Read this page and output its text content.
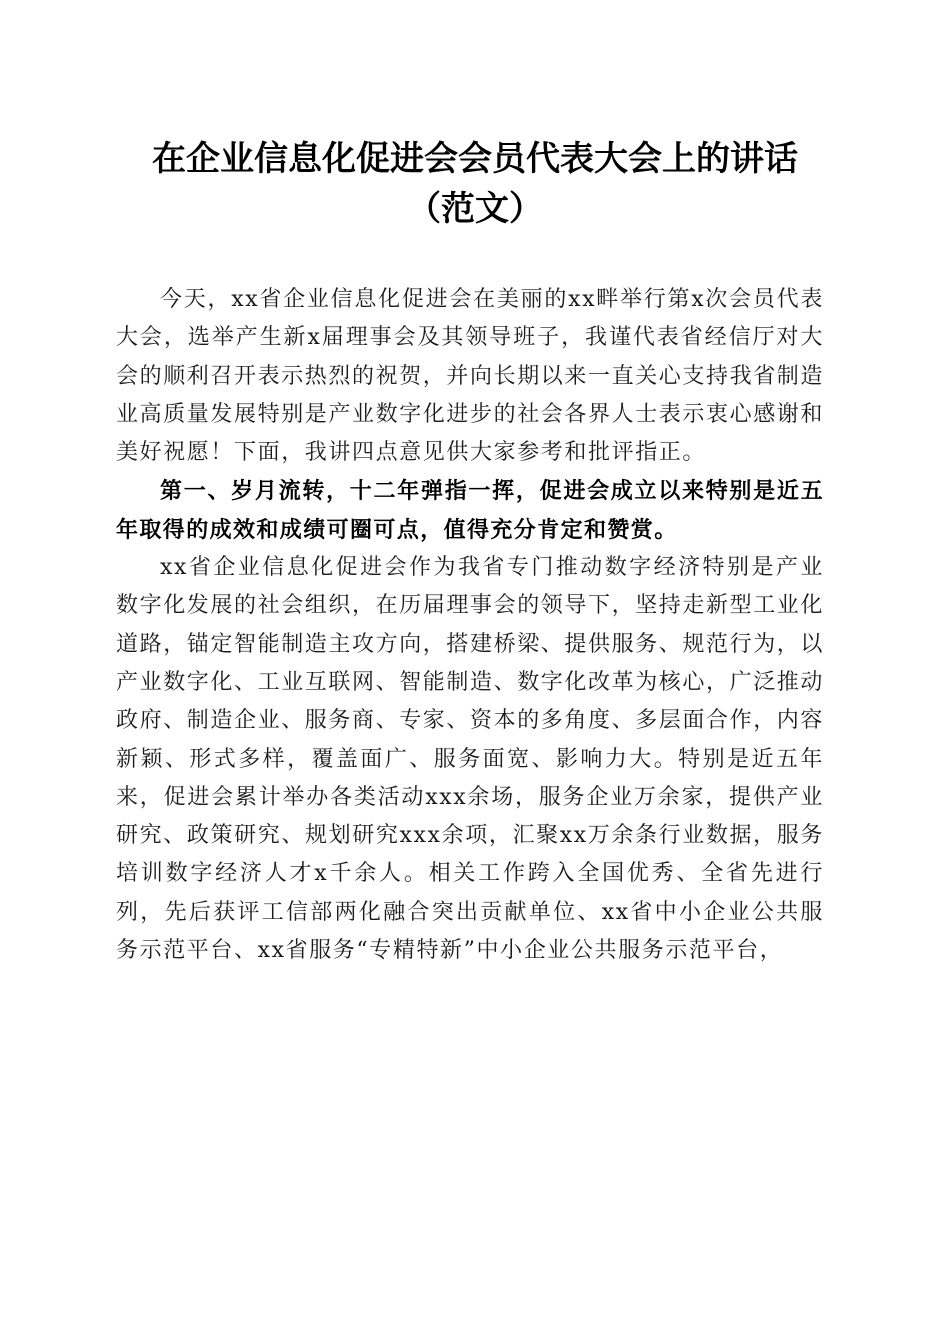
在企业信息化促进会会员代表大会上的讲话
（范文）

今天，xx省企业信息化促进会在美丽的xx畔举行第x次会员代表大会，选举产生新x届理事会及其领导班子，我谨代表省经信厅对大会的顺利召开表示热烈的祝贺，并向长期以来一直关心支持我省制造业高质量发展特别是产业数字化进步的社会各界人士表示衷心感谢和美好祝愿！下面，我讲四点意见供大家参考和批评指正。

第一、岁月流转，十二年弹指一挥，促进会成立以来特别是近五年取得的成效和成绩可圈可点，值得充分肯定和赞赏。

xx省企业信息化促进会作为我省专门推动数字经济特别是产业数字化发展的社会组织，在历届理事会的领导下，坚持走新型工业化道路，锚定智能制造主攻方向，搭建桥梁、提供服务、规范行为，以产业数字化、工业互联网、智能制造、数字化改革为核心，广泛推动政府、制造企业、服务商、专家、资本的多角度、多层面合作，内容新颖、形式多样，覆盖面广、服务面宽、影响力大。特别是近五年来，促进会累计举办各类活动xxx余场，服务企业万余家，提供产业研究、政策研究、规划研究xxx余项，汇聚xx万余条行业数据，服务培训数字经济人才x千余人。相关工作跨入全国优秀、全省先进行列，先后获评工信部两化融合突出贡献单位、xx省中小企业公共服务示范平台、xx省服务“专精特新”中小企业公共服务示范平台，
